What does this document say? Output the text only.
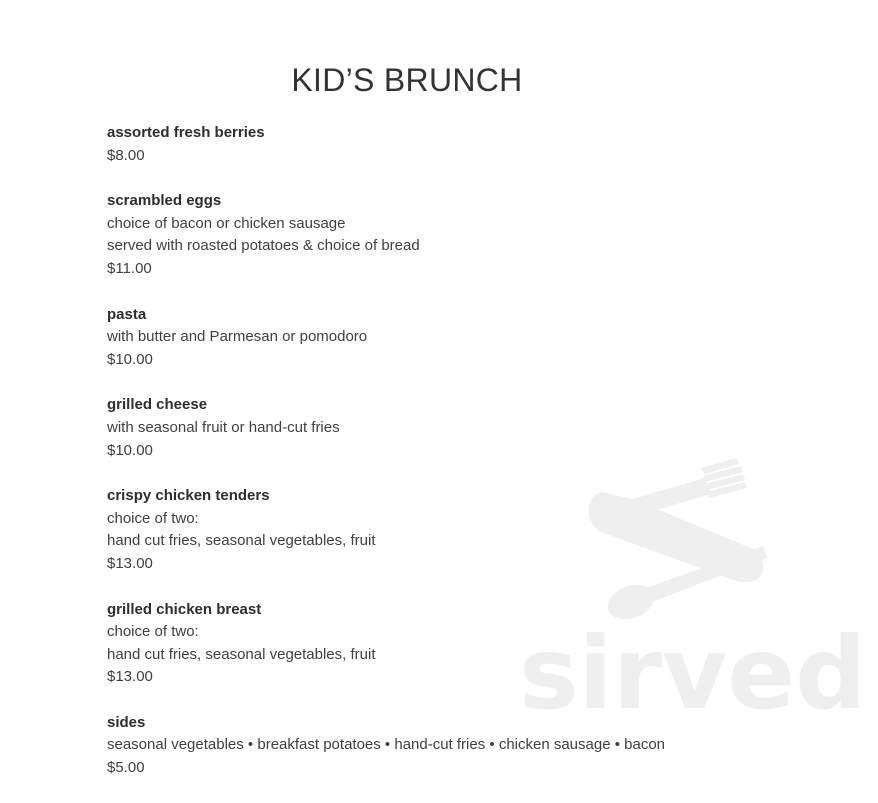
KID’S BRUNCH
assorted fresh berries
$8.00
scrambled eggs
choice of bacon or chicken sausage
served with roasted potatoes & choice of bread
$11.00
pasta
with butter and Parmesan or pomodoro
$10.00
grilled cheese
with seasonal fruit or hand-cut fries
$10.00
crispy chicken tenders
choice of two:
hand cut fries, seasonal vegetables, fruit
$13.00
grilled chicken breast
choice of two:
hand cut fries, seasonal vegetables, fruit
$13.00
sides
seasonal vegetables • breakfast potatoes • hand-cut fries • chicken sausage • bacon
$5.00
sirved
